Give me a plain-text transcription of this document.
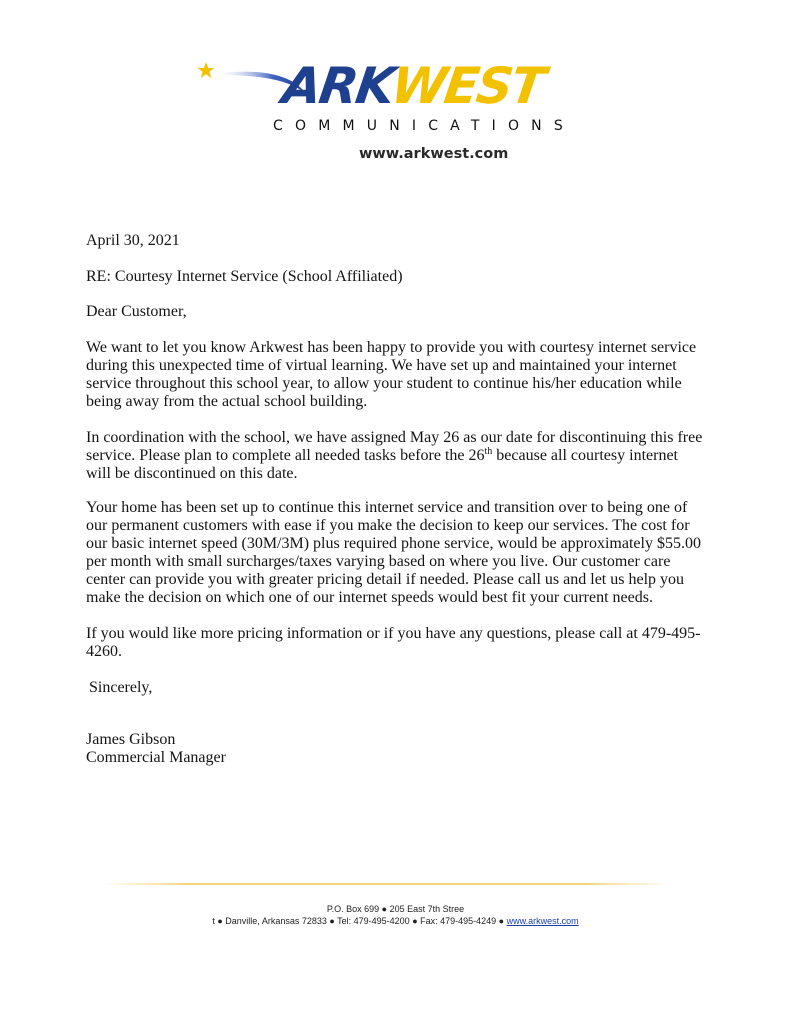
ARKWEST
COMMUNICATIONS
www.arkwest.com
April 30, 2021
RE: Courtesy Internet Service (School Affiliated)
Dear Customer,
We want to let you know Arkwest has been happy to provide you with courtesy internet service
during this unexpected time of virtual learning. We have set up and maintained your internet
service throughout this school year, to allow your student to continue his/her education while
being away from the actual school building.
In coordination with the school, we have assigned May 26 as our date for discontinuing this free
service. Please plan to complete all needed tasks before the 26th because all courtesy internet
will be discontinued on this date.
Your home has been set up to continue this internet service and transition over to being one of
our permanent customers with ease if you make the decision to keep our services. The cost for
our basic internet speed (30M/3M) plus required phone service, would be approximately $55.00
per month with small surcharges/taxes varying based on where you live. Our customer care
center can provide you with greater pricing detail if needed. Please call us and let us help you
make the decision on which one of our internet speeds would best fit your current needs.
If you would like more pricing information or if you have any questions, please call at 479-495-
4260.
Sincerely,
James Gibson
Commercial Manager
P.O. Box 699 ● 205 East 7th Stree
t ● Danville, Arkansas 72833 ● Tel: 479-495-4200 ● Fax: 479-495-4249 ● www.arkwest.com
